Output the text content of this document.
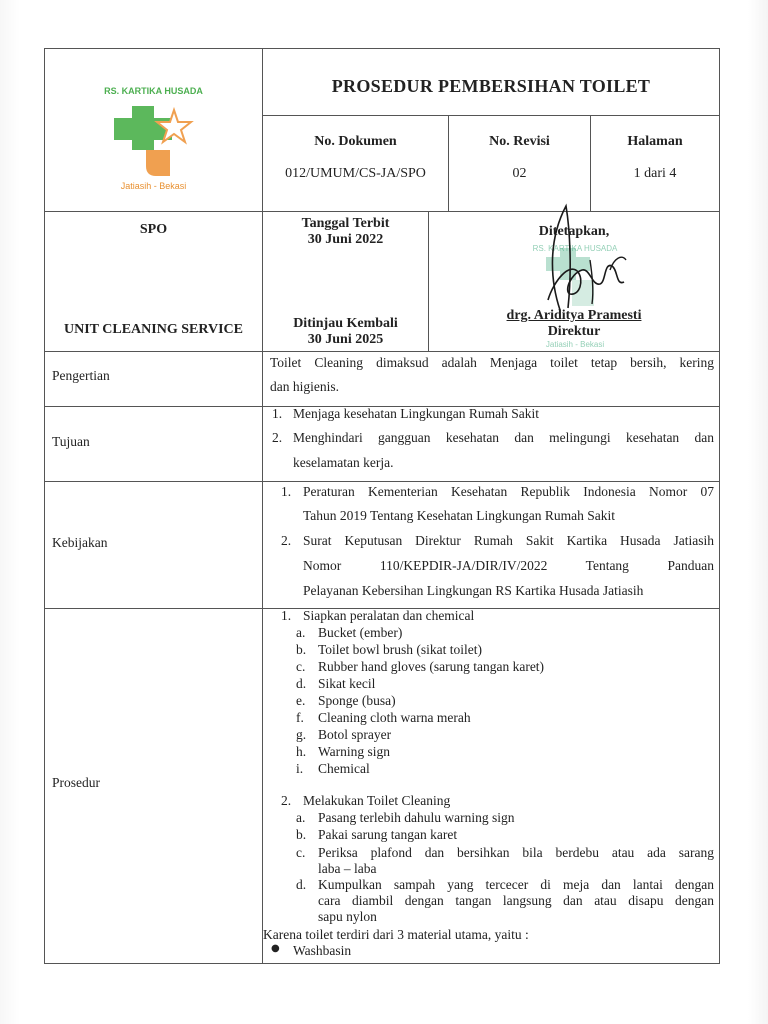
RS. KARTIKA HUSADA
Jatiasih - Bekasi
PROSEDUR PEMBERSIHAN TOILET
No. Dokumen
012/UMUM/CS-JA/SPO
No. Revisi
02
Halaman
1 dari 4
SPO
UNIT CLEANING SERVICE
Tanggal Terbit
30 Juni 2022
Ditinjau Kembali
30 Juni 2025
RS. KARTIKA HUSADA
Jatiasih - Bekasi
Ditetapkan,
drg. Ariditya Pramesti
Direktur
Pengertian
Toilet Cleaning dimaksud adalah Menjaga toilet tetap bersih, kering
dan higienis.
Tujuan
1. Menjaga kesehatan Lingkungan Rumah Sakit
2. Menghindari gangguan kesehatan dan melingungi kesehatan dan
keselamatan kerja.
Kebijakan
1. Peraturan Kementerian Kesehatan Republik Indonesia Nomor 07
Tahun 2019 Tentang Kesehatan Lingkungan Rumah Sakit
2. Surat Keputusan Direktur Rumah Sakit Kartika Husada Jatiasih
Nomor 110/KEPDIR-JA/DIR/IV/2022 Tentang Panduan
Pelayanan Kebersihan Lingkungan RS Kartika Husada Jatiasih
Prosedur
1. Siapkan peralatan dan chemical
a. Bucket (ember)
b. Toilet bowl brush (sikat toilet)
c. Rubber hand gloves (sarung tangan karet)
d. Sikat kecil
e. Sponge (busa)
f. Cleaning cloth warna merah
g. Botol sprayer
h. Warning sign
i. Chemical
2. Melakukan Toilet Cleaning
a. Pasang terlebih dahulu warning sign
b. Pakai sarung tangan karet
c. Periksa plafond dan bersihkan bila berdebu atau ada sarang
laba – laba
d. Kumpulkan sampah yang tercecer di meja dan lantai dengan
cara diambil dengan tangan langsung dan atau disapu dengan
sapu nylon
Karena toilet terdiri dari 3 material utama, yaitu :
● Washbasin
